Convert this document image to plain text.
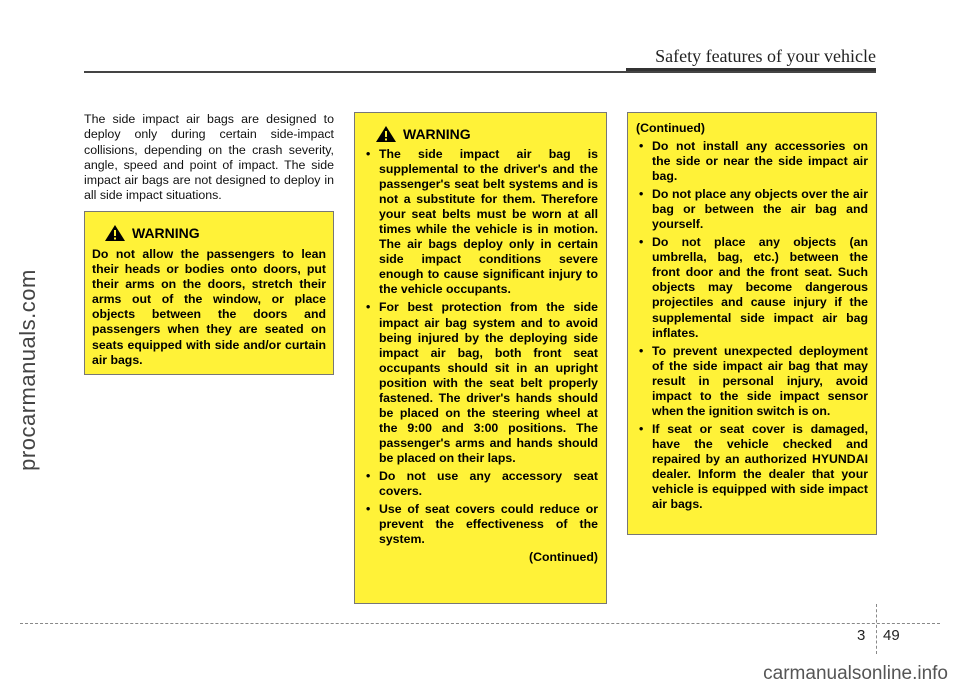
Safety features of your vehicle
procarmanuals.com
The side impact air bags are designed to deploy only during certain side-impact collisions, depending on the crash severity, angle, speed and point of impact. The side impact air bags are not designed to deploy in all side impact situations.
WARNING
Do not allow the passengers to lean their heads or bodies onto doors, put their arms on the doors, stretch their arms out of the window, or place objects between the doors and passengers when they are seated on seats equipped with side and/or curtain air bags.
WARNING
• The side impact air bag is supplemental to the driver's and the passenger's seat belt systems and is not a substitute for them. Therefore your seat belts must be worn at all times while the vehicle is in motion. The air bags deploy only in certain side impact conditions severe enough to cause significant injury to the vehicle occupants.
• For best protection from the side impact air bag system and to avoid being injured by the deploying side impact air bag, both front seat occupants should sit in an upright position with the seat belt properly fastened. The driver's hands should be placed on the steering wheel at the 9:00 and 3:00 positions. The passenger's arms and hands should be placed on their laps.
• Do not use any accessory seat covers.
• Use of seat covers could reduce or prevent the effectiveness of the system.
(Continued)
(Continued)
• Do not install any accessories on the side or near the side impact air bag.
• Do not place any objects over the air bag or between the air bag and yourself.
• Do not place any objects (an umbrella, bag, etc.) between the front door and the front seat. Such objects may become dangerous projectiles and cause injury if the supplemental side impact air bag inflates.
• To prevent unexpected deployment of the side impact air bag that may result in personal injury, avoid impact to the side impact sensor when the ignition switch is on.
• If seat or seat cover is damaged, have the vehicle checked and repaired by an authorized HYUNDAI dealer. Inform the dealer that your vehicle is equipped with side impact air bags.
3 49
carmanualsonline.info
